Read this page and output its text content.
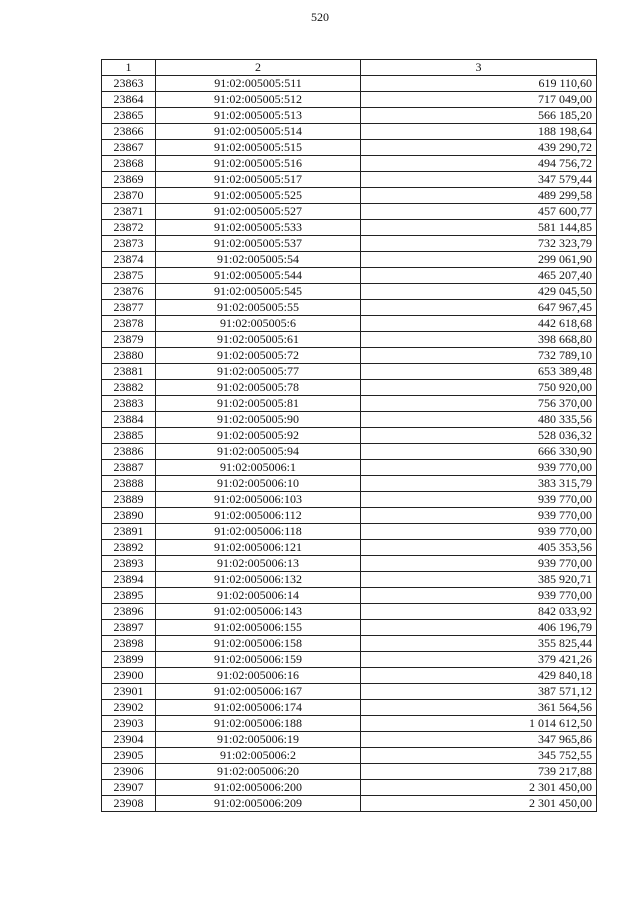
520
1	2	3
23863	91:02:005005:511	619 110,60
23864	91:02:005005:512	717 049,00
23865	91:02:005005:513	566 185,20
23866	91:02:005005:514	188 198,64
23867	91:02:005005:515	439 290,72
23868	91:02:005005:516	494 756,72
23869	91:02:005005:517	347 579,44
23870	91:02:005005:525	489 299,58
23871	91:02:005005:527	457 600,77
23872	91:02:005005:533	581 144,85
23873	91:02:005005:537	732 323,79
23874	91:02:005005:54	299 061,90
23875	91:02:005005:544	465 207,40
23876	91:02:005005:545	429 045,50
23877	91:02:005005:55	647 967,45
23878	91:02:005005:6	442 618,68
23879	91:02:005005:61	398 668,80
23880	91:02:005005:72	732 789,10
23881	91:02:005005:77	653 389,48
23882	91:02:005005:78	750 920,00
23883	91:02:005005:81	756 370,00
23884	91:02:005005:90	480 335,56
23885	91:02:005005:92	528 036,32
23886	91:02:005005:94	666 330,90
23887	91:02:005006:1	939 770,00
23888	91:02:005006:10	383 315,79
23889	91:02:005006:103	939 770,00
23890	91:02:005006:112	939 770,00
23891	91:02:005006:118	939 770,00
23892	91:02:005006:121	405 353,56
23893	91:02:005006:13	939 770,00
23894	91:02:005006:132	385 920,71
23895	91:02:005006:14	939 770,00
23896	91:02:005006:143	842 033,92
23897	91:02:005006:155	406 196,79
23898	91:02:005006:158	355 825,44
23899	91:02:005006:159	379 421,26
23900	91:02:005006:16	429 840,18
23901	91:02:005006:167	387 571,12
23902	91:02:005006:174	361 564,56
23903	91:02:005006:188	1 014 612,50
23904	91:02:005006:19	347 965,86
23905	91:02:005006:2	345 752,55
23906	91:02:005006:20	739 217,88
23907	91:02:005006:200	2 301 450,00
23908	91:02:005006:209	2 301 450,00
